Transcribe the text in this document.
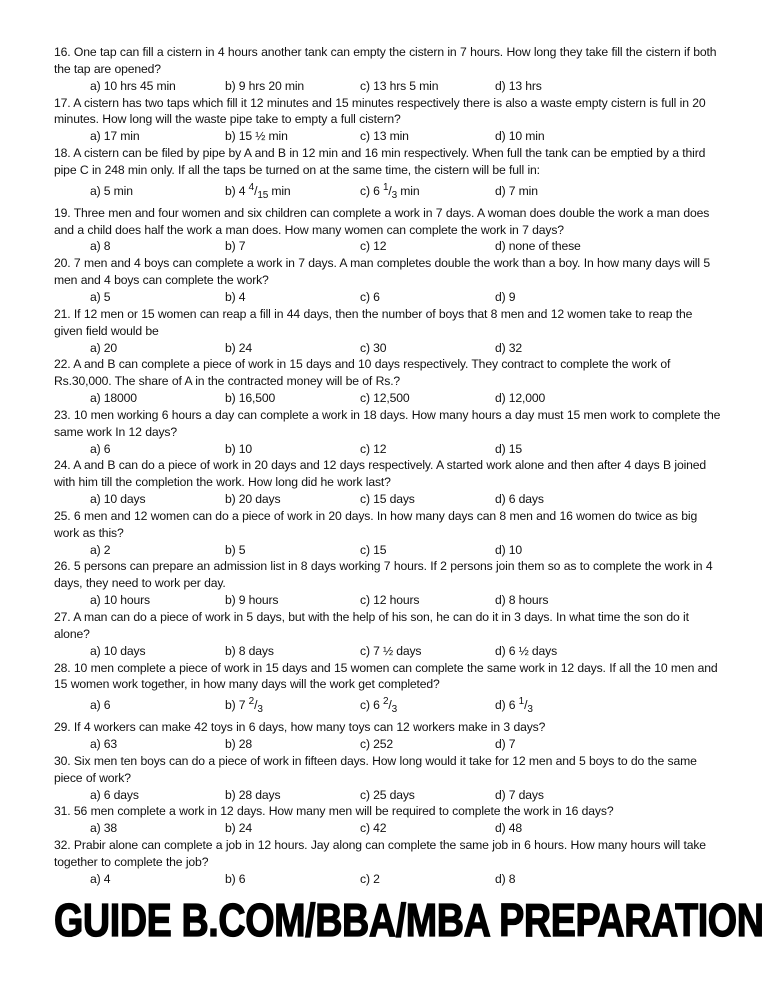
16. One tap can fill a cistern in 4 hours another tank can empty the cistern in 7 hours. How long they take fill the cistern if both the tap are opened?

a) 10 hrs 45 min	b) 9 hrs 20 min	c) 13 hrs 5 min	d) 13 hrs

17. A cistern has two taps which fill it 12 minutes and 15 minutes respectively there is also a waste empty cistern is full in 20 minutes. How long will the waste pipe take to empty a full cistern?

a) 17 min	b) 15 ½ min	c) 13 min	d) 10 min

18. A cistern can be filed by pipe by A and B in 12 min and 16 min respectively. When full the tank can be emptied by a third pipe C in 248 min only. If all the taps be turned on at the same time, the cistern will be full in:

a) 5 min	b) 4 $^4/_{15}$ min	c) 6 $^1/_3$ min	d) 7 min

19. Three men and four women and six children can complete a work in 7 days. A woman does double the work a man does and a child does half the work a man does. How many women can complete the work in 7 days?

a) 8	b) 7	c) 12	d) none of these

20. 7 men and 4 boys can complete a work in 7 days. A man completes double the work than a boy. In how many days will 5 men and 4 boys can complete the work?

a) 5	b) 4	c) 6	d) 9

21. If 12 men or 15 women can reap a fill in 44 days, then the number of boys that 8 men and 12 women take to reap the given field would be

a) 20	b) 24	c) 30	d) 32

22. A and B can complete a piece of work in 15 days and 10 days respectively. They contract to complete the work of Rs.30,000. The share of A in the contracted money will be of Rs.?

a) 18000	b) 16,500	c) 12,500	d) 12,000

23. 10 men working 6 hours a day can complete a work in 18 days. How many hours a day must 15 men work to complete the same work In 12 days?

a) 6	b) 10	c) 12	d) 15

24. A and B can do a piece of work in 20 days and 12 days respectively. A started work alone and then after 4 days B joined with him till the completion the work. How long did he work last?

a) 10 days	b) 20 days	c) 15 days	d) 6 days

25. 6 men and 12 women can do a piece of work in 20 days. In how many days can 8 men and 16 women do twice as big work as this?

a) 2	b) 5	c) 15	d) 10

26. 5 persons can prepare an admission list in 8 days working 7 hours. If 2 persons join them so as to complete the work in 4 days, they need to work per day.

a) 10 hours	b) 9 hours	c) 12 hours	d) 8 hours

27. A man can do a piece of work in 5 days, but with the help of his son, he can do it in 3 days. In what time the son do it alone?

a) 10 days	b) 8 days	c) 7 ½ days	d) 6 ½ days

28. 10 men complete a piece of work in 15 days and 15 women can complete the same work in 12 days. If all the 10 men and 15 women work together, in how many days will the work get completed?

a) 6	b) 7 $^2/_3$	c) 6 $^2/_3$	d) 6 $^1/_3$

29. If 4 workers can make 42 toys in 6 days, how many toys can 12 workers make in 3 days?

a) 63	b) 28	c) 252	d) 7

30. Six men ten boys can do a piece of work in fifteen days. How long would it take for 12 men and 5 boys to do the same piece of work?

a) 6 days	b) 28 days	c) 25 days	d) 7 days

31. 56 men complete a work in 12 days. How many men will be required to complete the work in 16 days?

a) 38	b) 24	c) 42	d) 48

32. Prabir alone can complete a job in 12 hours. Jay along can complete the same job in 6 hours. How many hours will take together to complete the job?

a) 4	b) 6	c) 2	d) 8
GUIDE B.COM/BBA/MBA PREPARATION
